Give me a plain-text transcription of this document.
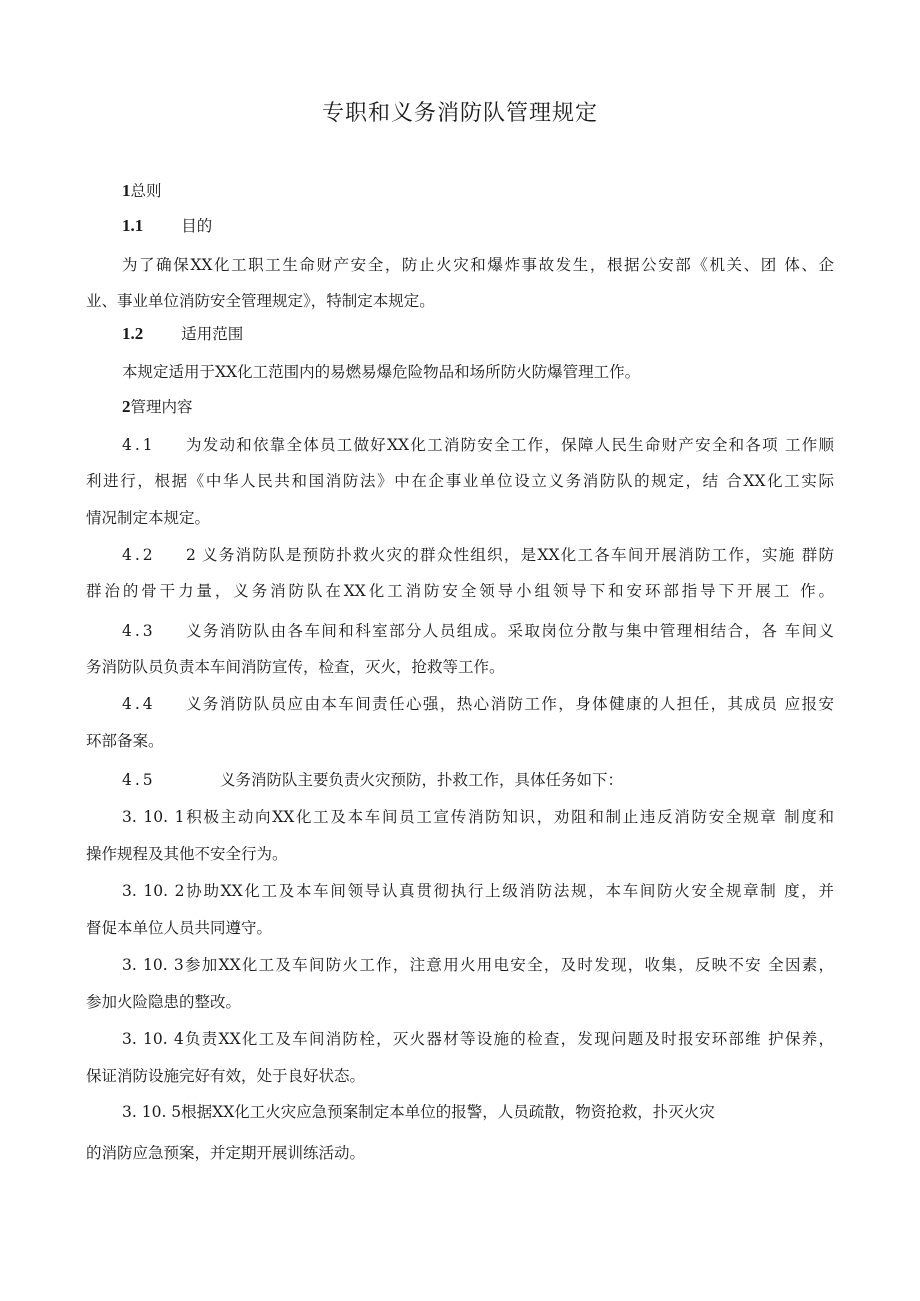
专职和义务消防队管理规定
1总则
1.1 目的
为了确保XX化工职工生命财产安全，防止火灾和爆炸事故发生，根据公安部《机关、团 体、企
业、事业单位消防安全管理规定》，特制定本规定。
1.2 适用范围
本规定适用于XX化工范围内的易燃易爆危险物品和场所防火防爆管理工作。
2管理内容
4.1 为发动和依靠全体员工做好XX化工消防安全工作，保障人民生命财产安全和各项 工作顺
利进行，根据《中华人民共和国消防法》中在企事业单位设立义务消防队的规定，结 合XX化工实际
情况制定本规定。
4.2 2 义务消防队是预防扑救火灾的群众性组织，是XX化工各车间开展消防工作，实施 群防
群治的骨干力量，义务消防队在XX化工消防安全领导小组领导下和安环部指导下开展工 作。
4.3 义务消防队由各车间和科室部分人员组成。采取岗位分散与集中管理相结合，各 车间义
务消防队员负责本车间消防宣传，检查，灭火，抢救等工作。
4.4 义务消防队员应由本车间责任心强，热心消防工作，身体健康的人担任，其成员 应报安
环部备案。
4.5	义务消防队主要负责火灾预防，扑救工作，具体任务如下：
3. 10. 1积极主动向XX化工及本车间员工宣传消防知识，劝阻和制止违反消防安全规章 制度和
操作规程及其他不安全行为。
3. 10. 2协助XX化工及本车间领导认真贯彻执行上级消防法规，本车间防火安全规章制 度，并
督促本单位人员共同遵守。
3. 10. 3参加XX化工及车间防火工作，注意用火用电安全，及时发现，收集，反映不安 全因素，
参加火险隐患的整改。
3. 10. 4负责XX化工及车间消防栓，灭火器材等设施的检查，发现问题及时报安环部维 护保养，
保证消防设施完好有效，处于良好状态。
3. 10. 5根据XX化工火灾应急预案制定本单位的报警，人员疏散，物资抢救，扑灭火灾
的消防应急预案，并定期开展训练活动。
